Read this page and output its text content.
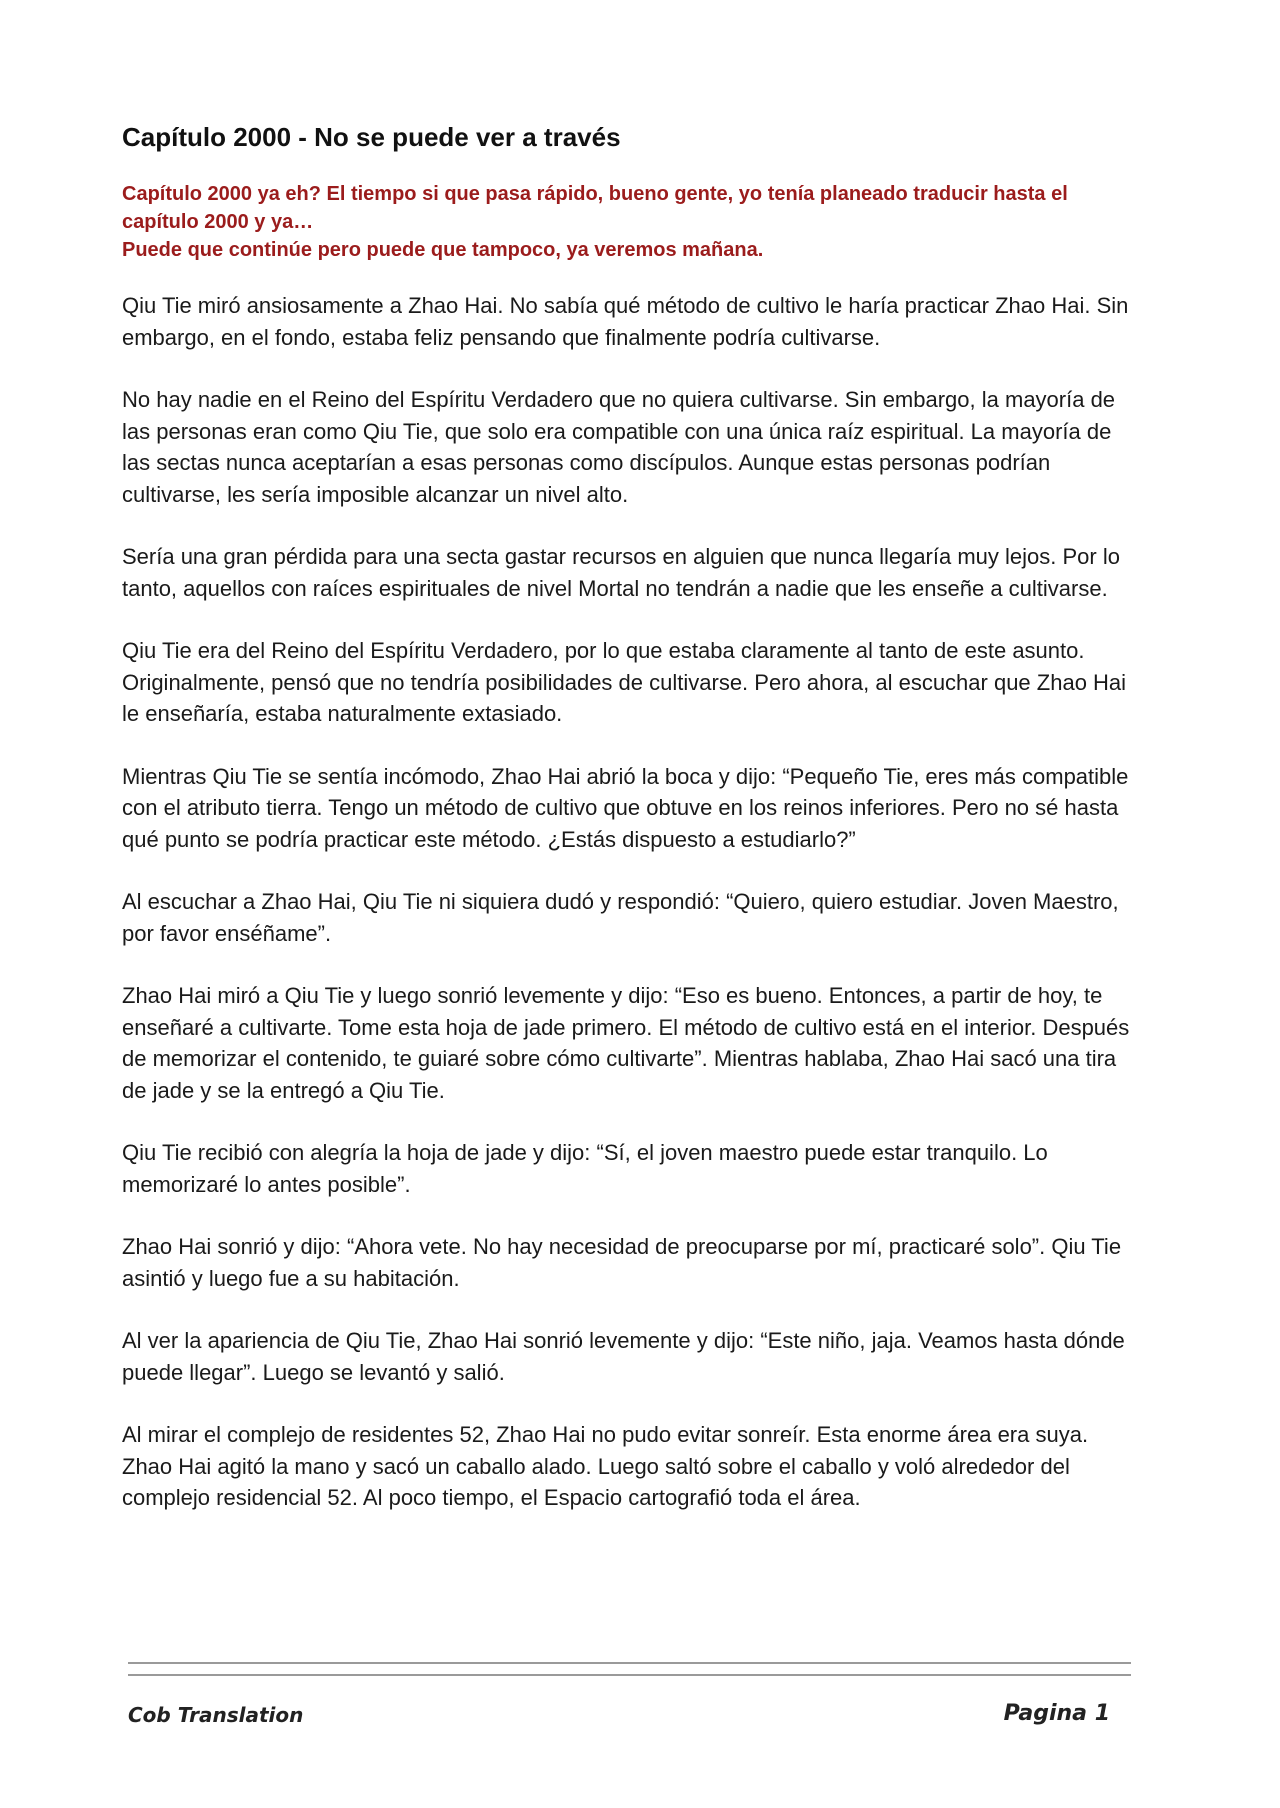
Capítulo 2000 - No se puede ver a través

Capítulo 2000 ya eh? El tiempo si que pasa rápido, bueno gente, yo tenía planeado traducir hasta el capítulo 2000 y ya…

Puede que continúe pero puede que tampoco, ya veremos mañana.

Qiu Tie miró ansiosamente a Zhao Hai. No sabía qué método de cultivo le haría practicar Zhao Hai. Sin embargo, en el fondo, estaba feliz pensando que finalmente podría cultivarse.

No hay nadie en el Reino del Espíritu Verdadero que no quiera cultivarse. Sin embargo, la mayoría de las personas eran como Qiu Tie, que solo era compatible con una única raíz espiritual. La mayoría de las sectas nunca aceptarían a esas personas como discípulos. Aunque estas personas podrían cultivarse, les sería imposible alcanzar un nivel alto.

Sería una gran pérdida para una secta gastar recursos en alguien que nunca llegaría muy lejos. Por lo tanto, aquellos con raíces espirituales de nivel Mortal no tendrán a nadie que les enseñe a cultivarse.

Qiu Tie era del Reino del Espíritu Verdadero, por lo que estaba claramente al tanto de este asunto. Originalmente, pensó que no tendría posibilidades de cultivarse. Pero ahora, al escuchar que Zhao Hai le enseñaría, estaba naturalmente extasiado.

Mientras Qiu Tie se sentía incómodo, Zhao Hai abrió la boca y dijo: “Pequeño Tie, eres más compatible con el atributo tierra. Tengo un método de cultivo que obtuve en los reinos inferiores. Pero no sé hasta qué punto se podría practicar este método. ¿Estás dispuesto a estudiarlo?”

Al escuchar a Zhao Hai, Qiu Tie ni siquiera dudó y respondió: “Quiero, quiero estudiar. Joven Maestro, por favor enséñame”.

Zhao Hai miró a Qiu Tie y luego sonrió levemente y dijo: “Eso es bueno. Entonces, a partir de hoy, te enseñaré a cultivarte. Tome esta hoja de jade primero. El método de cultivo está en el interior. Después de memorizar el contenido, te guiaré sobre cómo cultivarte”. Mientras hablaba, Zhao Hai sacó una tira de jade y se la entregó a Qiu Tie.

Qiu Tie recibió con alegría la hoja de jade y dijo: “Sí, el joven maestro puede estar tranquilo. Lo memorizaré lo antes posible”.

Zhao Hai sonrió y dijo: “Ahora vete. No hay necesidad de preocuparse por mí, practicaré solo”. Qiu Tie asintió y luego fue a su habitación.

Al ver la apariencia de Qiu Tie, Zhao Hai sonrió levemente y dijo: “Este niño, jaja. Veamos hasta dónde puede llegar”. Luego se levantó y salió.

Al mirar el complejo de residentes 52, Zhao Hai no pudo evitar sonreír. Esta enorme área era suya. Zhao Hai agitó la mano y sacó un caballo alado. Luego saltó sobre el caballo y voló alrededor del complejo residencial 52. Al poco tiempo, el Espacio cartografió toda el área.

Cob Translation	Pagina 1
